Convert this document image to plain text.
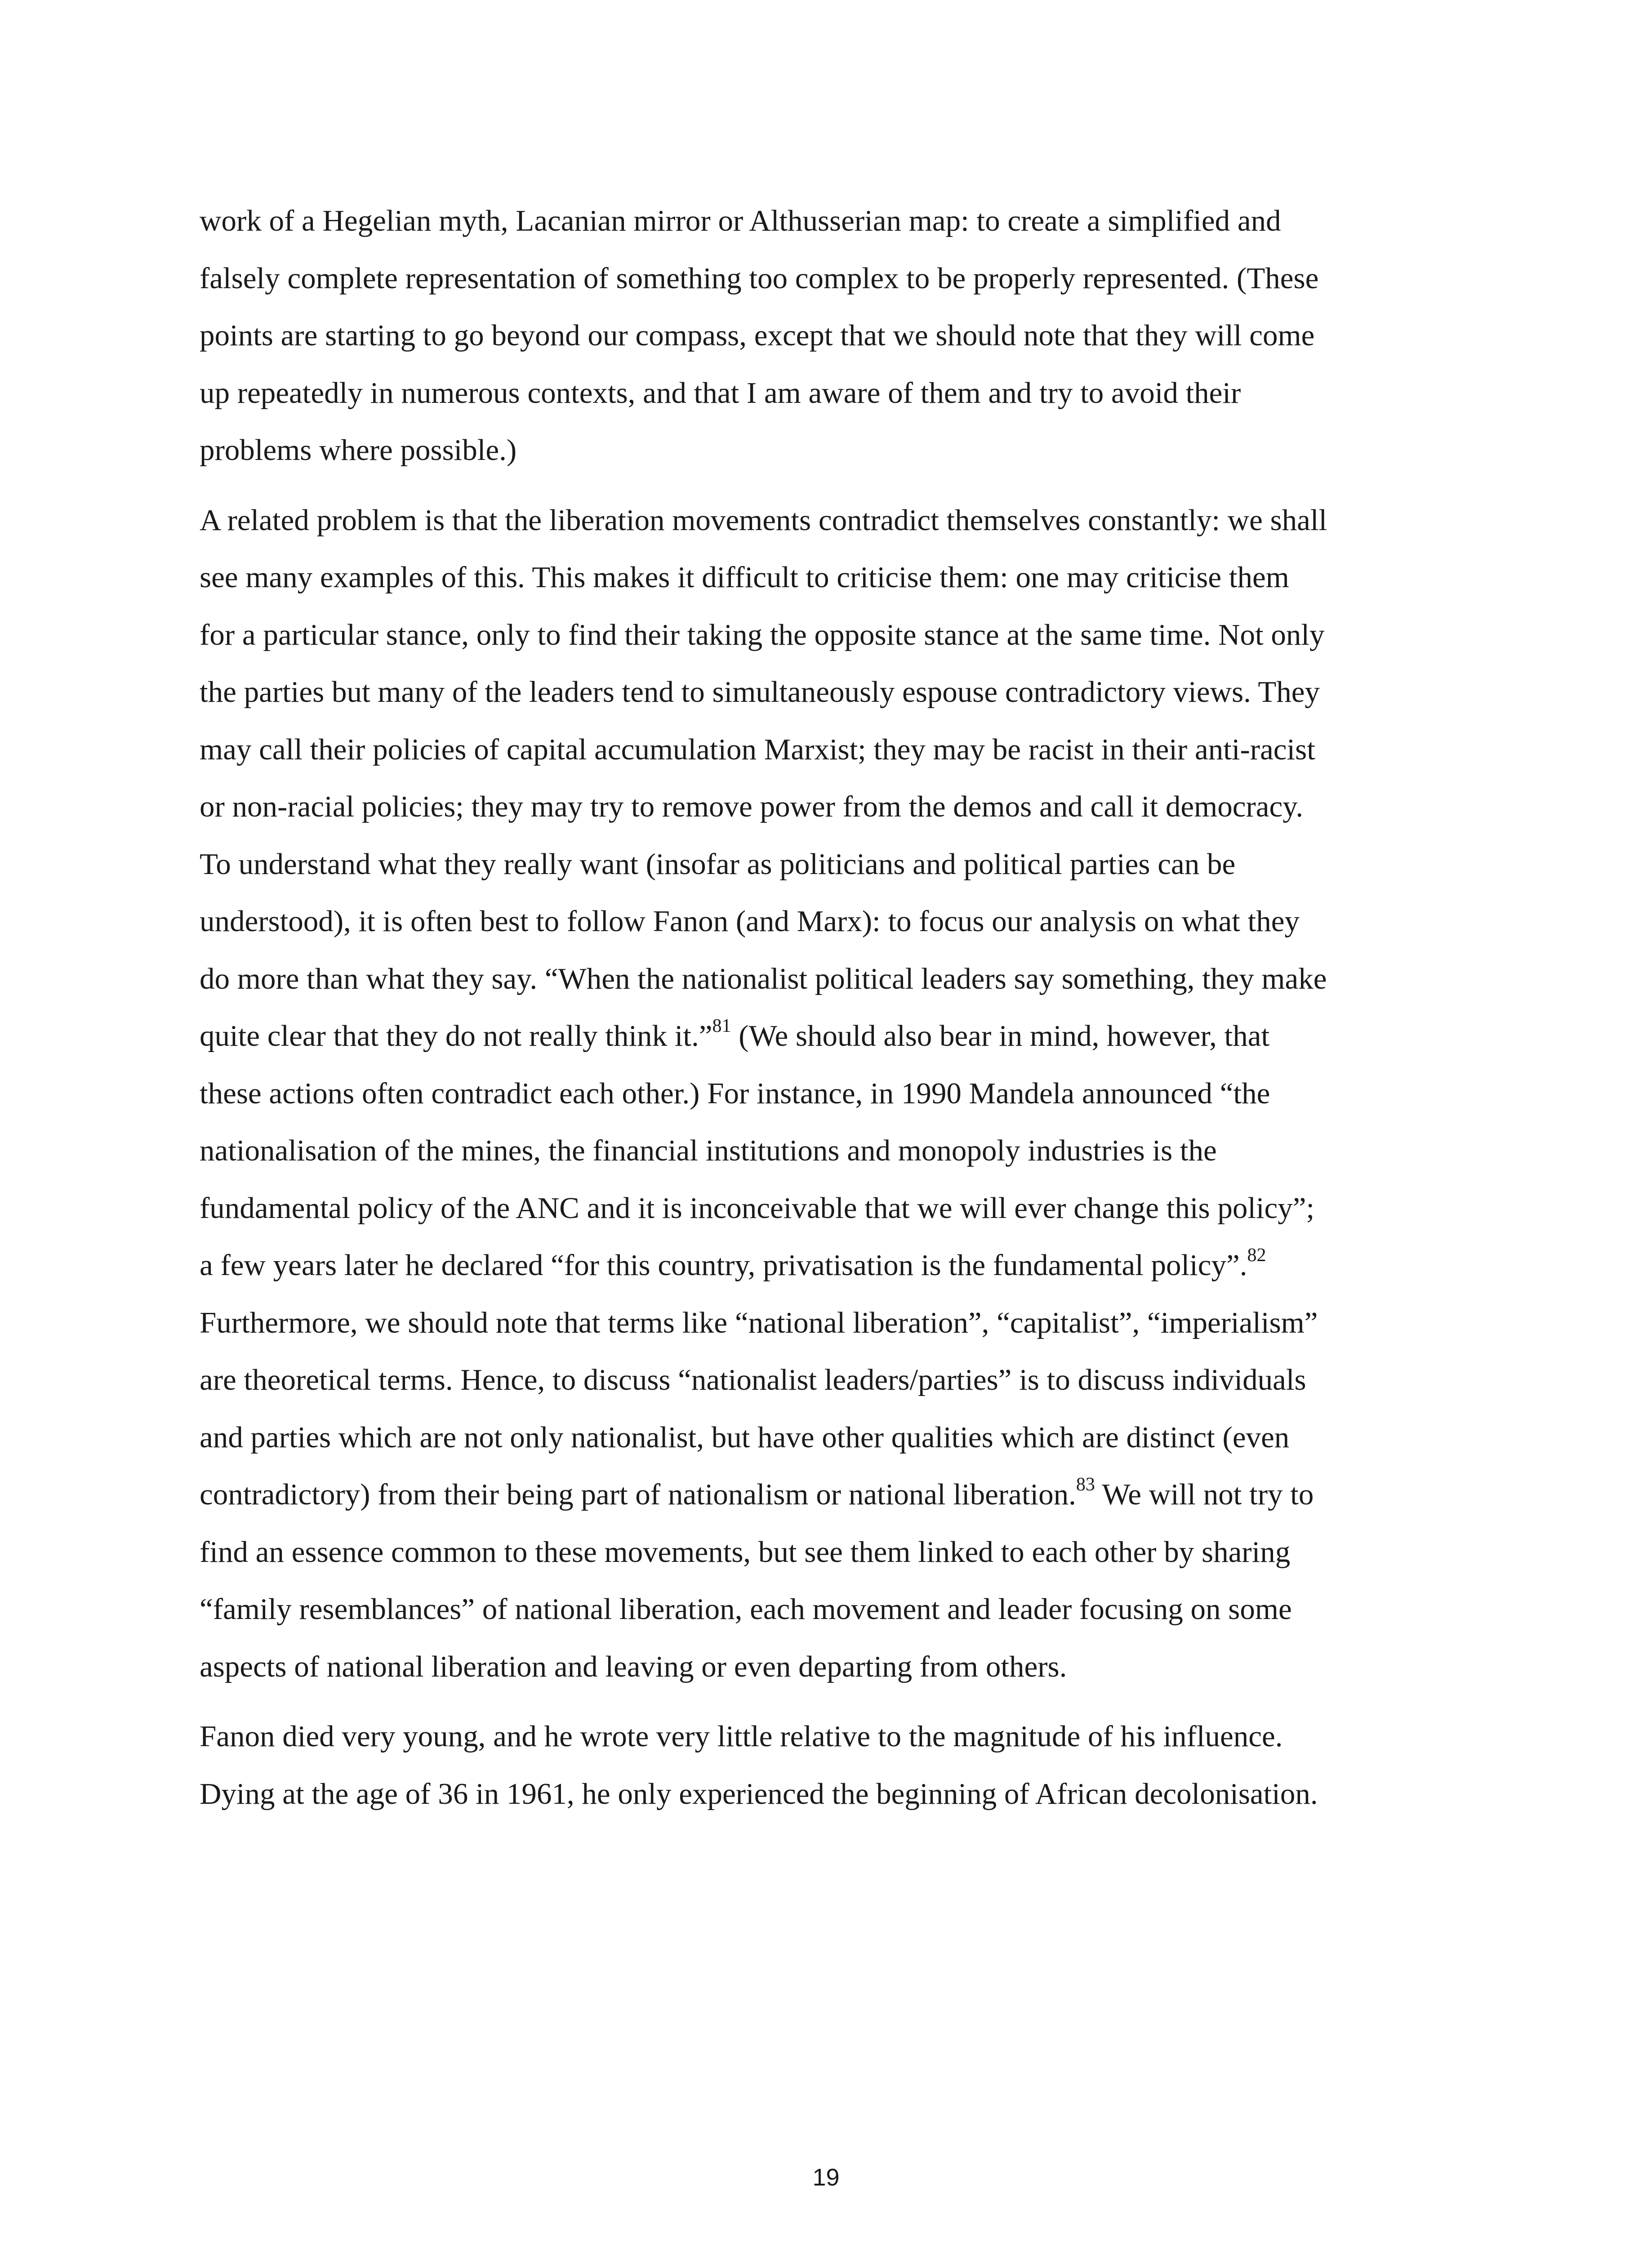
work of a Hegelian myth, Lacanian mirror or Althusserian map: to create a simplified and
falsely complete representation of something too complex to be properly represented. (These
points are starting to go beyond our compass, except that we should note that they will come
up repeatedly in numerous contexts, and that I am aware of them and try to avoid their
problems where possible.)
A related problem is that the liberation movements contradict themselves constantly: we shall
see many examples of this. This makes it difficult to criticise them: one may criticise them
for a particular stance, only to find their taking the opposite stance at the same time. Not only
the parties but many of the leaders tend to simultaneously espouse contradictory views. They
may call their policies of capital accumulation Marxist; they may be racist in their anti-racist
or non-racial policies; they may try to remove power from the demos and call it democracy.
To understand what they really want (insofar as politicians and political parties can be
understood), it is often best to follow Fanon (and Marx): to focus our analysis on what they
do more than what they say. “When the nationalist political leaders say something, they make
quite clear that they do not really think it.”$^{81}$ (We should also bear in mind, however, that
these actions often contradict each other.) For instance, in 1990 Mandela announced “the
nationalisation of the mines, the financial institutions and monopoly industries is the
fundamental policy of the ANC and it is inconceivable that we will ever change this policy”;
a few years later he declared “for this country, privatisation is the fundamental policy”.$^{82}$
Furthermore, we should note that terms like “national liberation”, “capitalist”, “imperialism”
are theoretical terms. Hence, to discuss “nationalist leaders/parties” is to discuss individuals
and parties which are not only nationalist, but have other qualities which are distinct (even
contradictory) from their being part of nationalism or national liberation.$^{83}$ We will not try to
find an essence common to these movements, but see them linked to each other by sharing
“family resemblances” of national liberation, each movement and leader focusing on some
aspects of national liberation and leaving or even departing from others.
Fanon died very young, and he wrote very little relative to the magnitude of his influence.
Dying at the age of 36 in 1961, he only experienced the beginning of African decolonisation.
19
